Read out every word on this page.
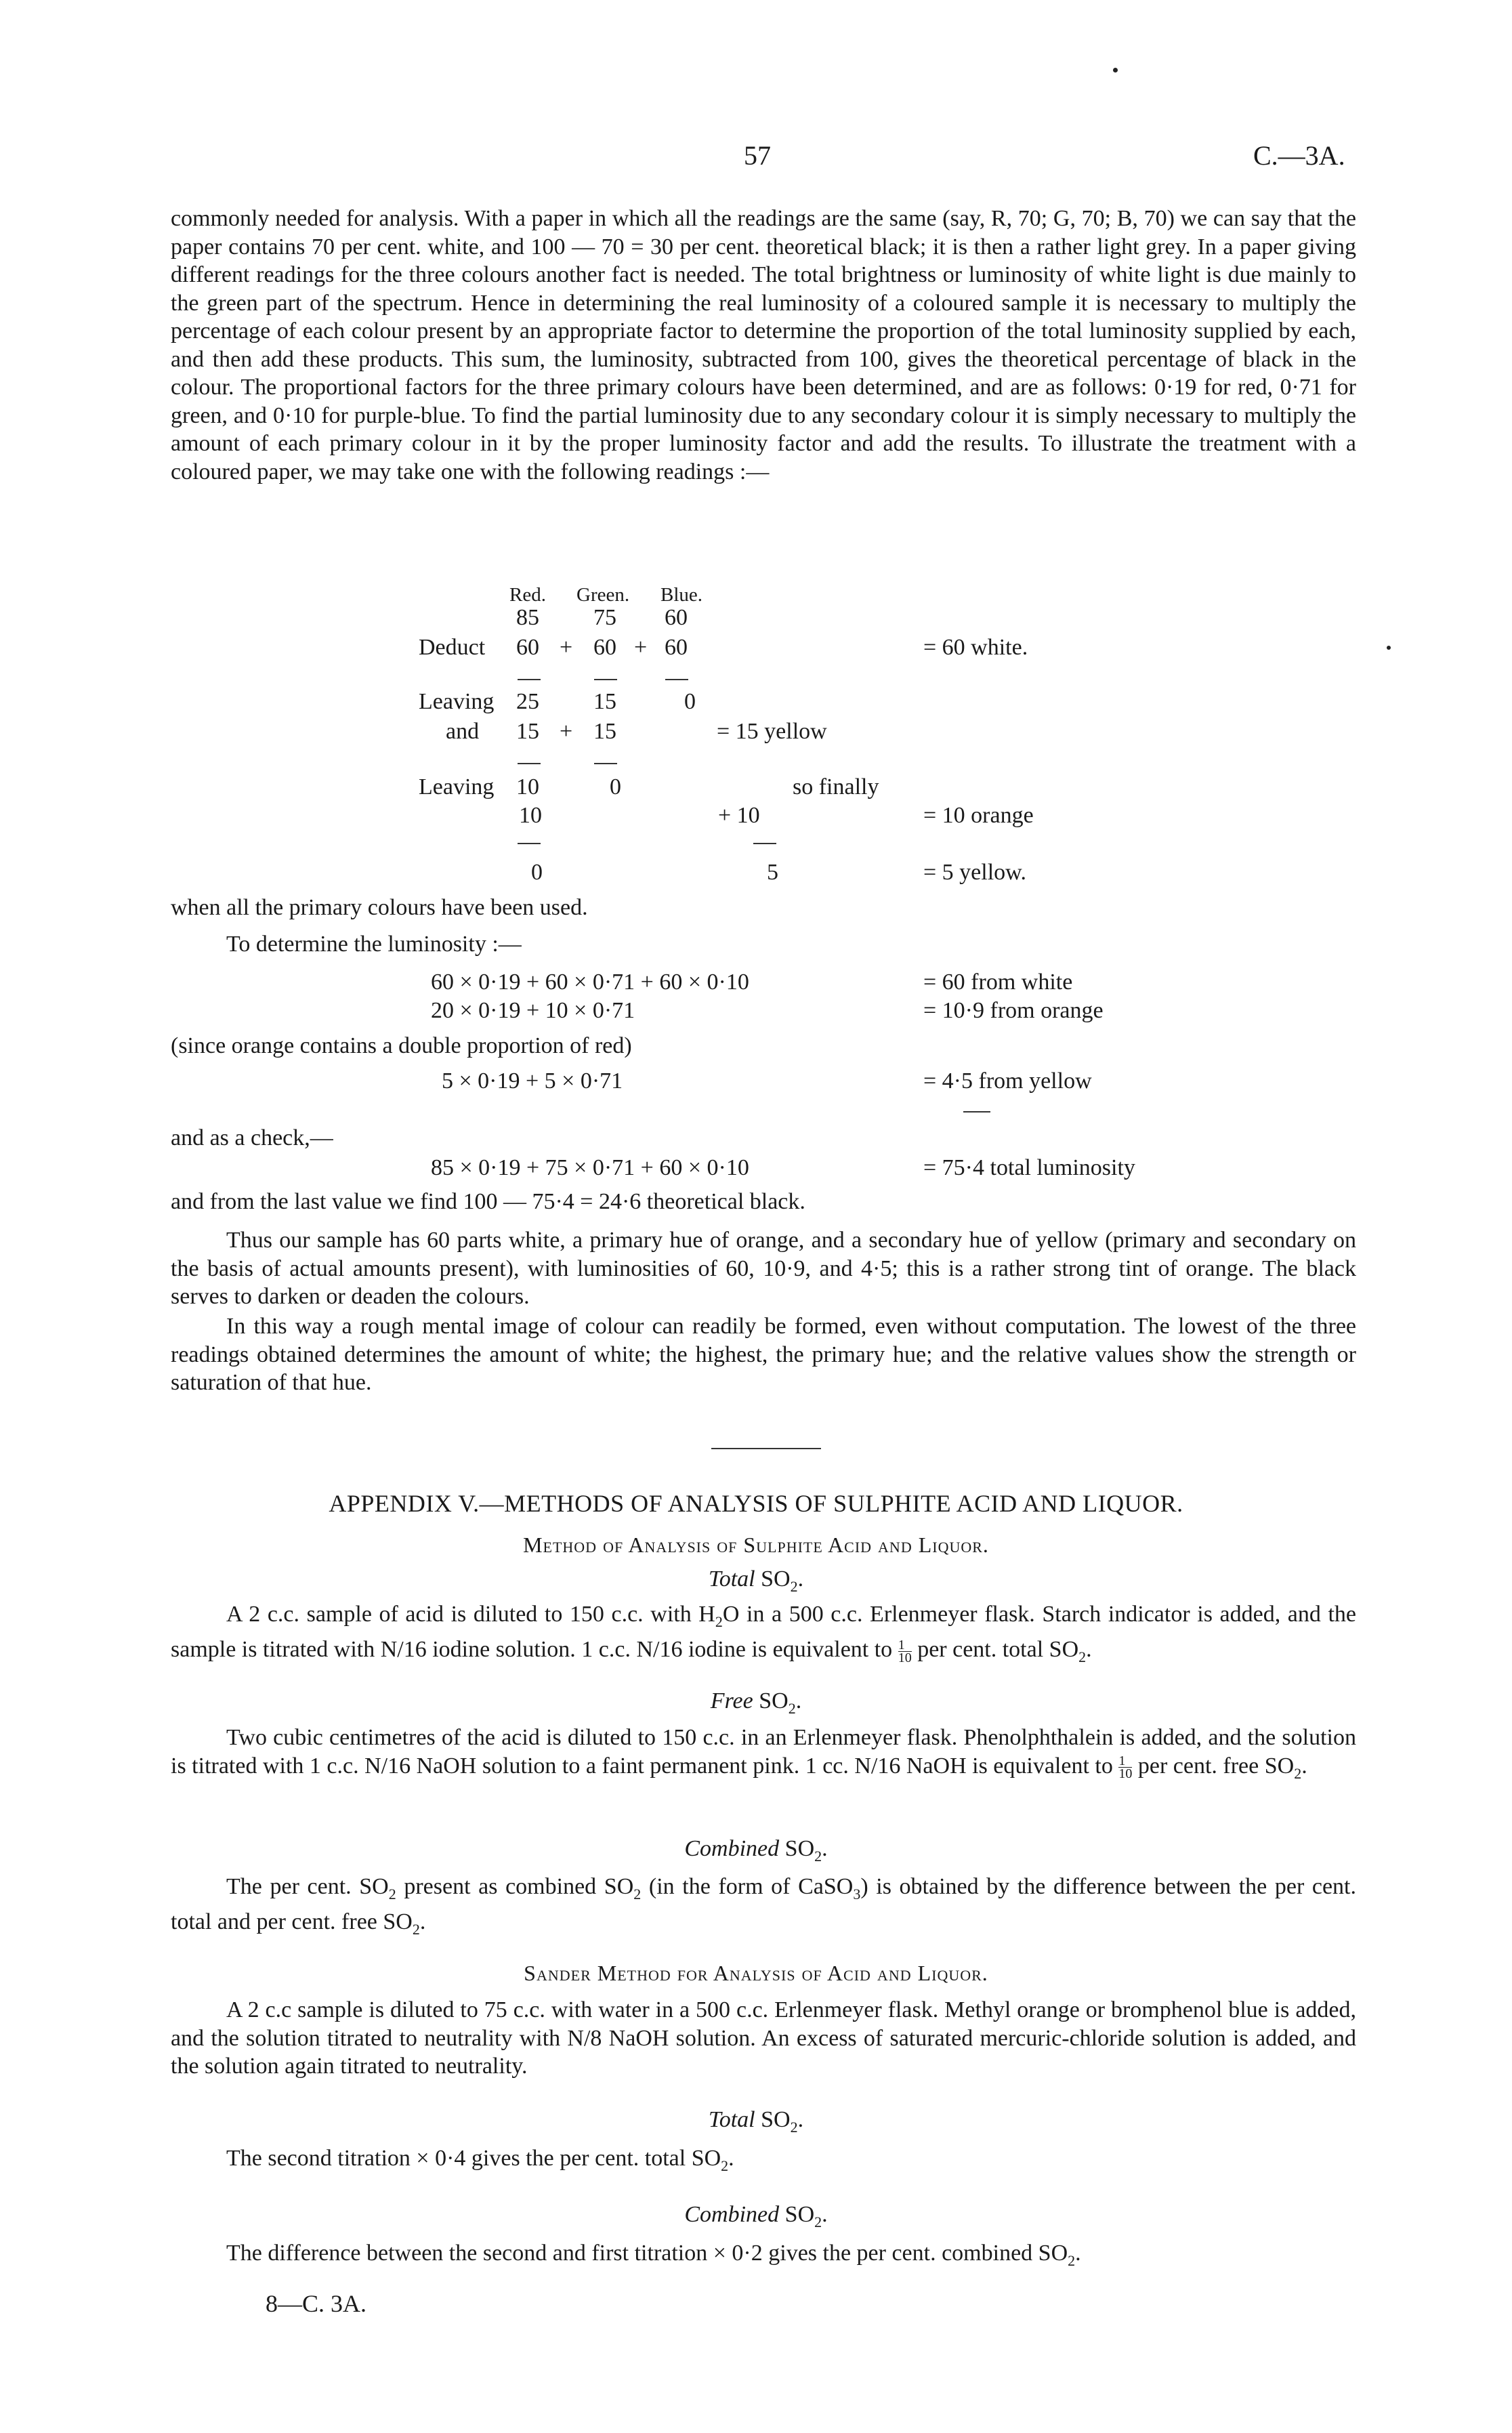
57	C.—3A.
commonly needed for analysis. With a paper in which all the readings are the same (say, R, 70; G, 70; B, 70) we can say that the paper contains 70 per cent. white, and 100 — 70 = 30 per cent. theoretical black; it is then a rather light grey. In a paper giving different readings for the three colours another fact is needed. The total brightness or luminosity of white light is due mainly to the green part of the spectrum. Hence in determining the real luminosity of a coloured sample it is necessary to multiply the percentage of each colour present by an appropriate factor to determine the proportion of the total luminosity supplied by each, and then add these products. This sum, the luminosity, subtracted from 100, gives the theoretical percentage of black in the colour. The proportional factors for the three primary colours have been determined, and are as follows: 0·19 for red, 0·71 for green, and 0·10 for purple-blue. To find the partial luminosity due to any secondary colour it is simply necessary to multiply the amount of each primary colour in it by the proper luminosity factor and add the results. To illustrate the treatment with a coloured paper, we may take one with the following readings :—
Red. Green. Blue.
85 75 60
Deduct 60 + 60 + 60	= 60 white.
Leaving 25 15	0
and 15 + 15	= 15 yellow
Leaving 10	0	so finally
10	+ 10	= 10 orange
0	5	= 5 yellow.
when all the primary colours have been used.
To determine the luminosity :—
60 × 0·19 + 60 × 0·71 + 60 × 0·10	= 60 from white
20 × 0·19 + 10 × 0·71	= 10·9 from orange
(since orange contains a double proportion of red)
5 × 0·19 + 5 × 0·71	= 4·5 from yellow
and as a check,—
85 × 0·19 + 75 × 0·71 + 60 × 0·10	= 75·4 total luminosity
and from the last value we find 100 — 75·4 = 24·6 theoretical black.
Thus our sample has 60 parts white, a primary hue of orange, and a secondary hue of yellow (primary and secondary on the basis of actual amounts present), with luminosities of 60, 10·9, and 4·5; this is a rather strong tint of orange. The black serves to darken or deaden the colours.
In this way a rough mental image of colour can readily be formed, even without computation. The lowest of the three readings obtained determines the amount of white; the highest, the primary hue; and the relative values show the strength or saturation of that hue.
APPENDIX V.—METHODS OF ANALYSIS OF SULPHITE ACID AND LIQUOR.
Method of Analysis of Sulphite Acid and Liquor.
Total $SO_2$.
A 2 c.c. sample of acid is diluted to 150 c.c. with $H_2O$ in a 500 c.c. Erlenmeyer flask. Starch indicator is added, and the sample is titrated with N/16 iodine solution. 1 c.c. N/16 iodine is equivalent to $\frac{1}{10}$ per cent. total $SO_2$.
Free $SO_2$.
Two cubic centimetres of the acid is diluted to 150 c.c. in an Erlenmeyer flask. Phenolphthalein is added, and the solution is titrated with 1 c.c. N/16 NaOH solution to a faint permanent pink. 1 cc. N/16 NaOH is equivalent to $\frac{1}{10}$ per cent. free $SO_2$.
Combined $SO_2$.
The per cent. $SO_2$ present as combined $SO_2$ (in the form of CaSO$_3$) is obtained by the difference between the per cent. total and per cent. free $SO_2$.
Sander Method for Analysis of Acid and Liquor.
A 2 c.c sample is diluted to 75 c.c. with water in a 500 c.c. Erlenmeyer flask. Methyl orange or bromphenol blue is added, and the solution titrated to neutrality with N/8 NaOH solution. An excess of saturated mercuric-chloride solution is added, and the solution again titrated to neutrality.
Total $SO_2$.
The second titration × 0·4 gives the per cent. total $SO_2$.
Combined $SO_2$.
The difference between the second and first titration × 0·2 gives the per cent. combined $SO_2$.
8—C. 3A.
